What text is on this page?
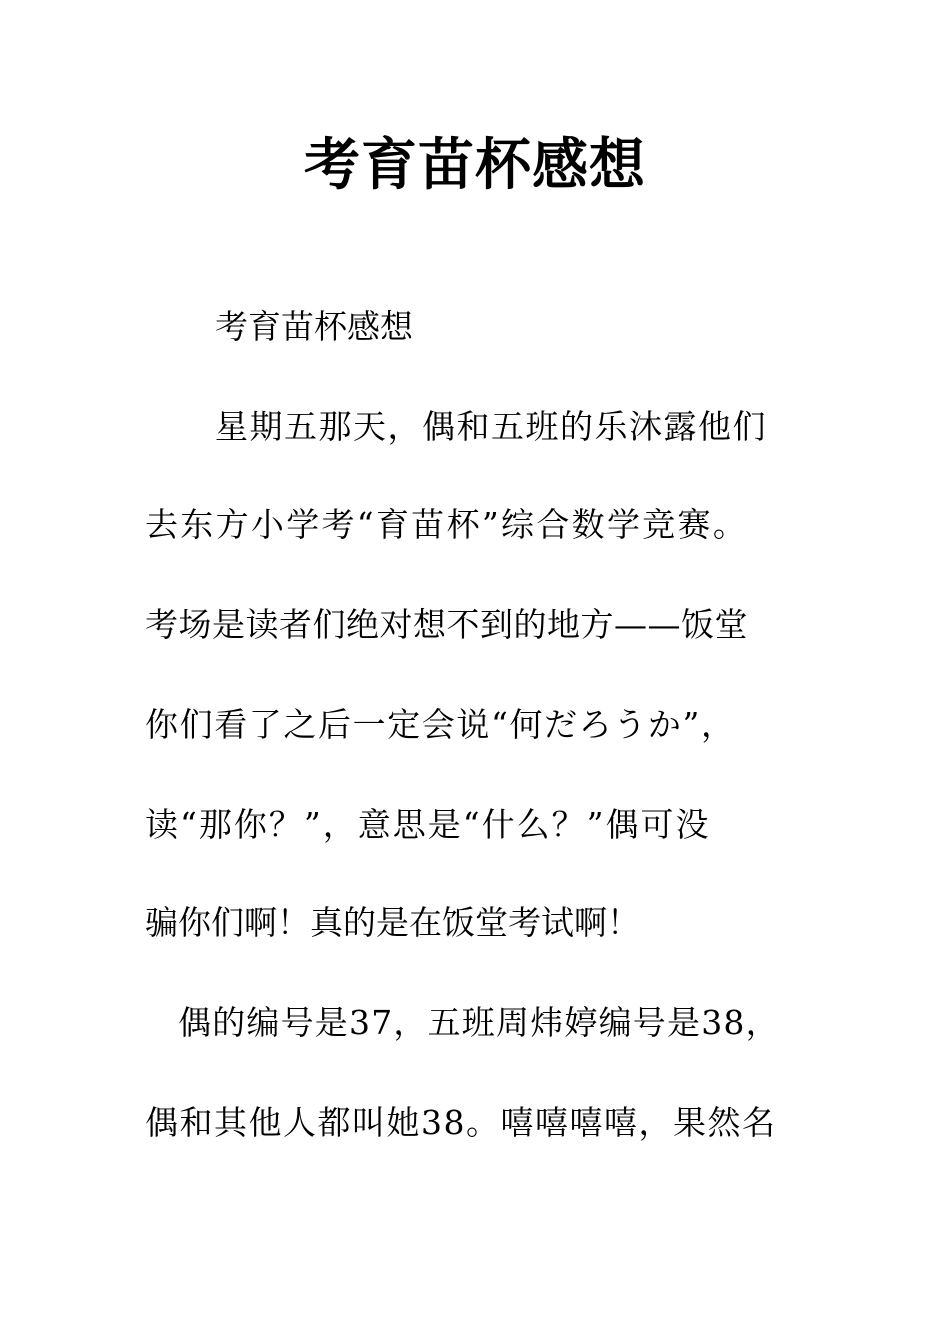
考育苗杯感想
考育苗杯感想
星期五那天，偶和五班的乐沐露他们
去东方小学考“育苗杯”综合数学竞赛。
考场是读者们绝对想不到的地方——饭堂
你们看了之后一定会说“何だろうか”，
读“那你？”，意思是“什么？”偶可没
骗你们啊！真的是在饭堂考试啊！
偶的编号是37，五班周炜婷编号是38，
偶和其他人都叫她38。嘻嘻嘻嘻，果然名
